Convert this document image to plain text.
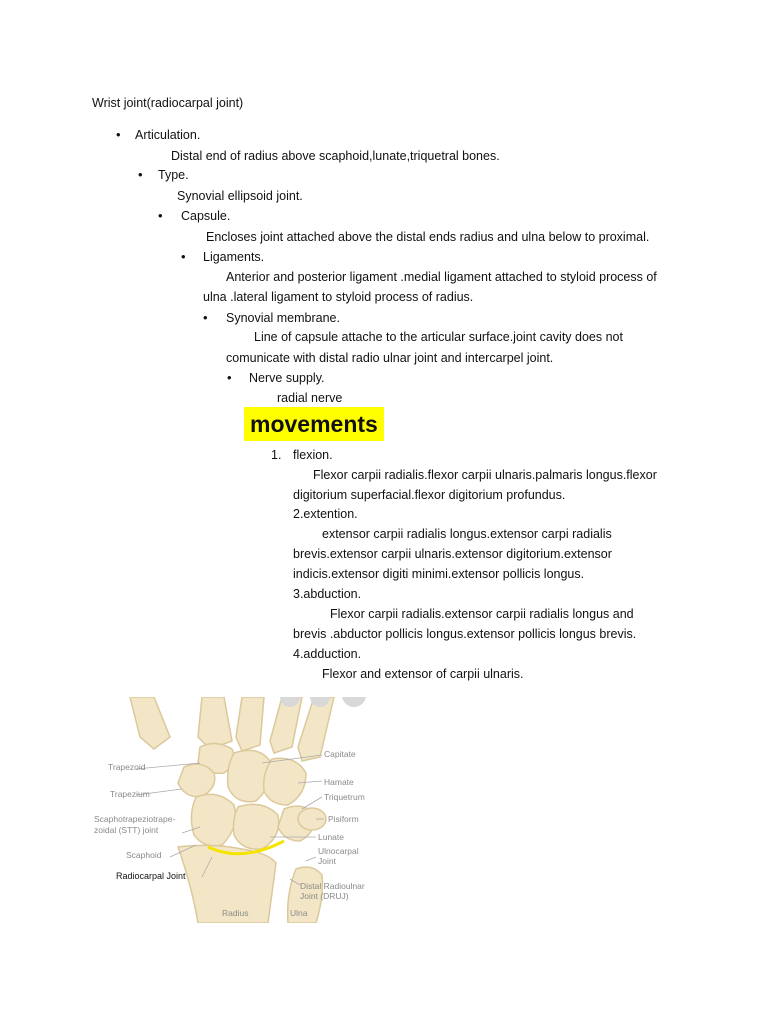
Wrist joint(radiocarpal joint)
• Articulation.
Distal end of radius above scaphoid,lunate,triquetral bones.
• Type.
Synovial ellipsoid joint.
• Capsule.
Encloses joint attached above the distal ends radius and ulna below to proximal.
• Ligaments.
Anterior and posterior ligament .medial ligament attached to styloid process of
ulna .lateral ligament to styloid process of radius.
• Synovial membrane.
Line of capsule attache to the articular surface.joint cavity does not
comunicate with distal radio ulnar joint and intercarpel joint.
• Nerve supply.
radial nerve
movements
1. flexion.
Flexor carpii radialis.flexor carpii ulnaris.palmaris longus.flexor
digitorium superfacial.flexor digitorium profundus.
2.extention.
extensor carpii radialis longus.extensor carpi radialis
brevis.extensor carpii ulnaris.extensor digitorium.extensor
indicis.extensor digiti minimi.extensor pollicis longus.
3.abduction.
Flexor carpii radialis.extensor carpii radialis longus and
brevis .abductor pollicis longus.extensor pollicis longus brevis.
4.adduction.
Flexor and extensor of carpii ulnaris.
Trapezoid
Trapezium
Scaphotrapeziotrape-
zoidal (STT) joint
Scaphoid
Radiocarpal Joint
Radius
Capitate
Hamate
Triquetrum
Pisiform
Lunate
Ulnocarpal
Joint
Distal Radioulnar
Joint (DRUJ)
Ulna
